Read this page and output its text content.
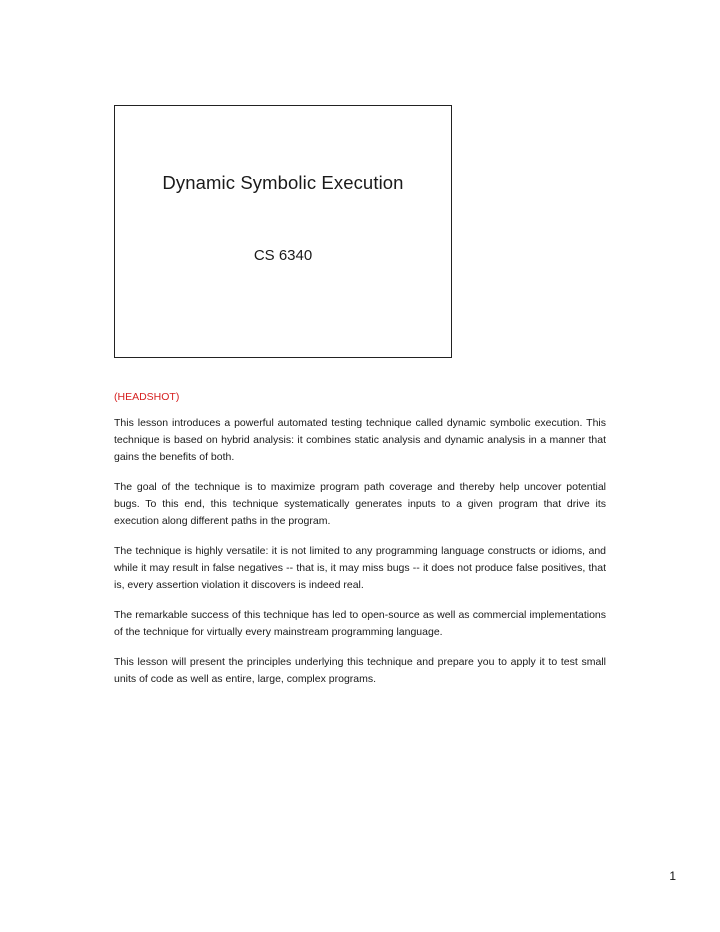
Dynamic Symbolic Execution
CS 6340

(HEADSHOT)

This lesson introduces a powerful automated testing technique called dynamic symbolic execution. This technique is based on hybrid analysis: it combines static analysis and dynamic analysis in a manner that gains the benefits of both.

The goal of the technique is to maximize program path coverage and thereby help uncover potential bugs. To this end, this technique systematically generates inputs to a given program that drive its execution along different paths in the program.

The technique is highly versatile: it is not limited to any programming language constructs or idioms, and while it may result in false negatives -- that is, it may miss bugs -- it does not produce false positives, that is, every assertion violation it discovers is indeed real.

The remarkable success of this technique has led to open-source as well as commercial implementations of the technique for virtually every mainstream programming language.

This lesson will present the principles underlying this technique and prepare you to apply it to test small units of code as well as entire, large, complex programs.

1
